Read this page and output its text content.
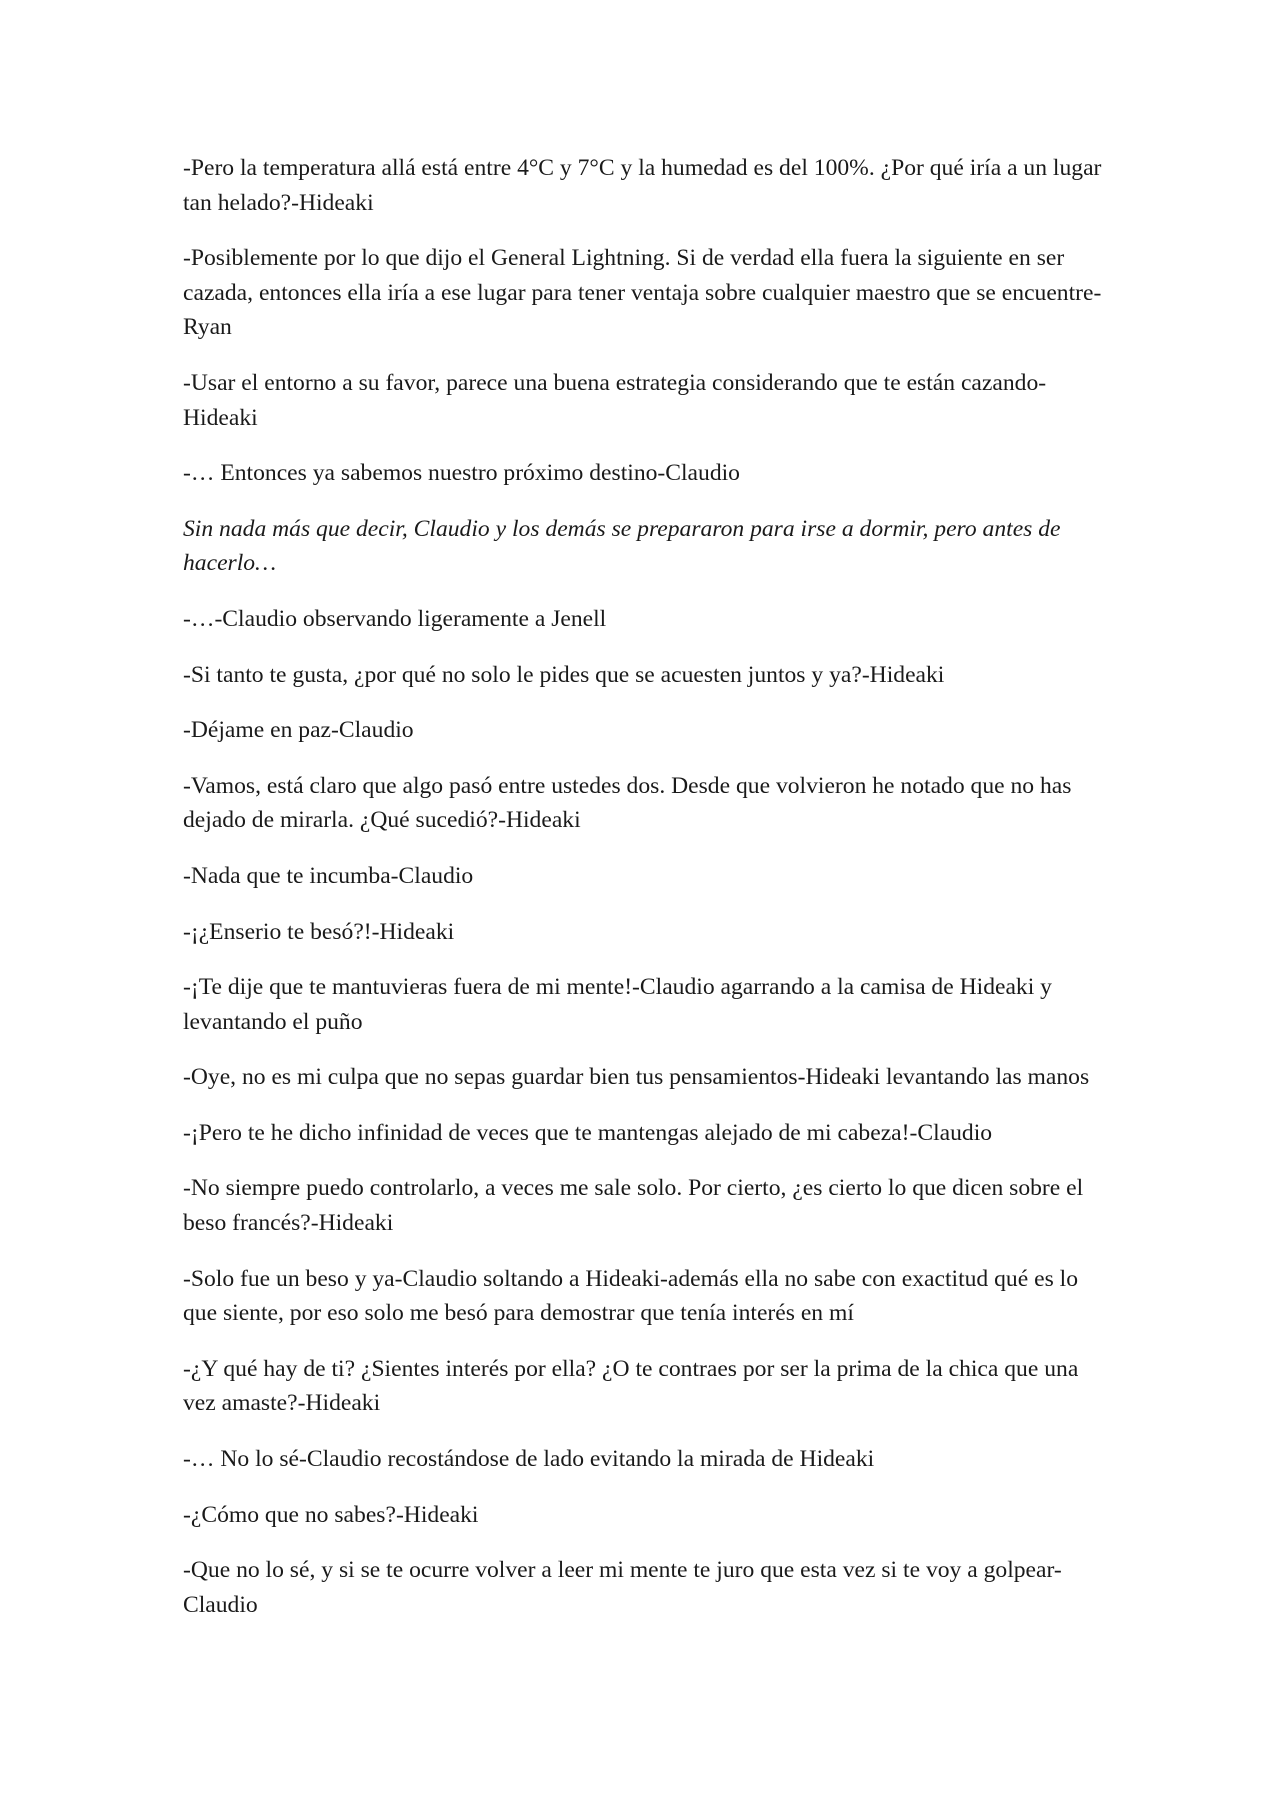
-Pero la temperatura allá está entre 4°C y 7°C y la humedad es del 100%. ¿Por qué iría a un lugar tan helado?-Hideaki

-Posiblemente por lo que dijo el General Lightning. Si de verdad ella fuera la siguiente en ser cazada, entonces ella iría a ese lugar para tener ventaja sobre cualquier maestro que se encuentre-Ryan

-Usar el entorno a su favor, parece una buena estrategia considerando que te están cazando-Hideaki

-… Entonces ya sabemos nuestro próximo destino-Claudio

Sin nada más que decir, Claudio y los demás se prepararon para irse a dormir, pero antes de hacerlo…

-…-Claudio observando ligeramente a Jenell

-Si tanto te gusta, ¿por qué no solo le pides que se acuesten juntos y ya?-Hideaki

-Déjame en paz-Claudio

-Vamos, está claro que algo pasó entre ustedes dos. Desde que volvieron he notado que no has dejado de mirarla. ¿Qué sucedió?-Hideaki

-Nada que te incumba-Claudio

-¡¿Enserio te besó?!-Hideaki

-¡Te dije que te mantuvieras fuera de mi mente!-Claudio agarrando a la camisa de Hideaki y levantando el puño

-Oye, no es mi culpa que no sepas guardar bien tus pensamientos-Hideaki levantando las manos

-¡Pero te he dicho infinidad de veces que te mantengas alejado de mi cabeza!-Claudio

-No siempre puedo controlarlo, a veces me sale solo. Por cierto, ¿es cierto lo que dicen sobre el beso francés?-Hideaki

-Solo fue un beso y ya-Claudio soltando a Hideaki-además ella no sabe con exactitud qué es lo que siente, por eso solo me besó para demostrar que tenía interés en mí

-¿Y qué hay de ti? ¿Sientes interés por ella? ¿O te contraes por ser la prima de la chica que una vez amaste?-Hideaki

-… No lo sé-Claudio recostándose de lado evitando la mirada de Hideaki

-¿Cómo que no sabes?-Hideaki

-Que no lo sé, y si se te ocurre volver a leer mi mente te juro que esta vez si te voy a golpear-Claudio
